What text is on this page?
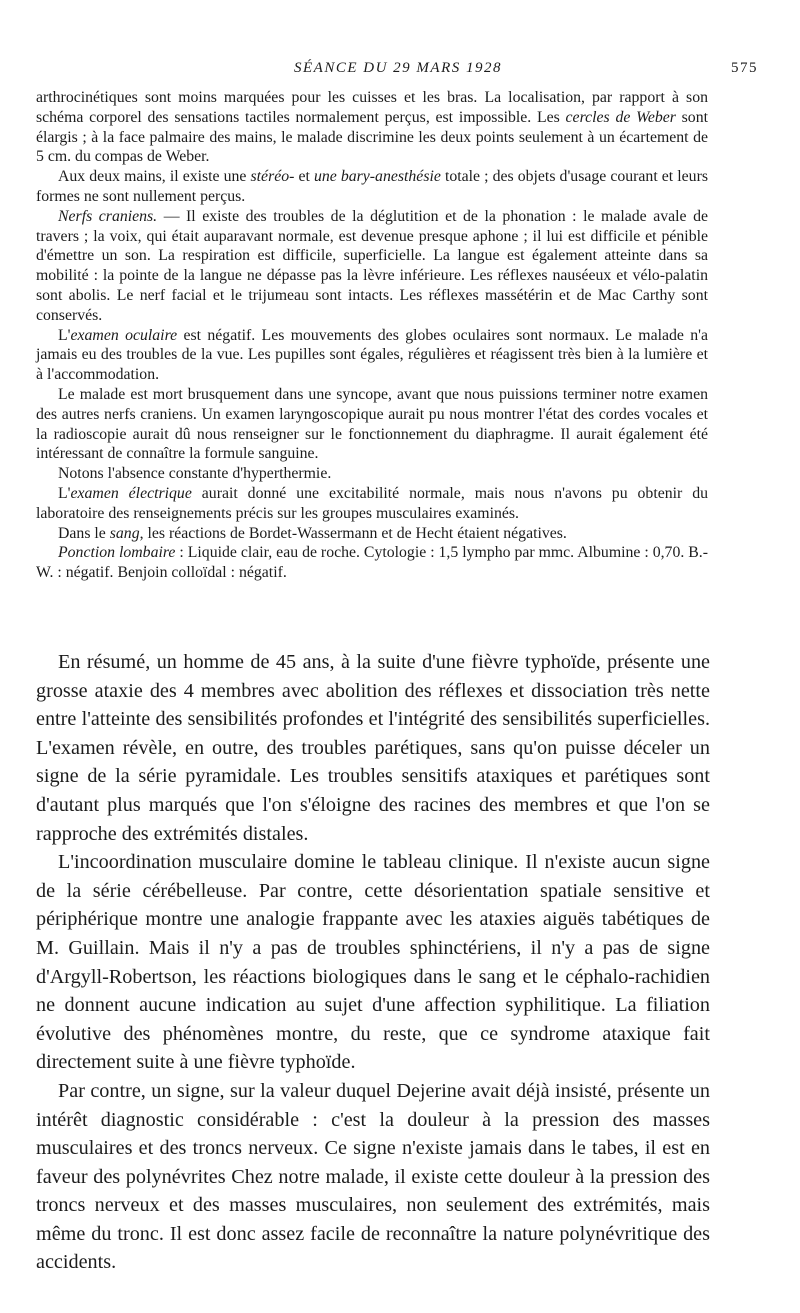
SÉANCE DU 29 MARS 1928	575

arthrocinétiques sont moins marquées pour les cuisses et les bras. La localisation, par rapport à son schéma corporel des sensations tactiles normalement perçus, est impossible. Les cercles de Weber sont élargis ; à la face palmaire des mains, le malade discrimine les deux points seulement à un écartement de 5 cm. du compas de Weber.

Aux deux mains, il existe une stéréo- et une bary-anesthésie totale ; des objets d'usage courant et leurs formes ne sont nullement perçus.

Nerfs craniens. — Il existe des troubles de la déglutition et de la phonation : le malade avale de travers ; la voix, qui était auparavant normale, est devenue presque aphone ; il lui est difficile et pénible d'émettre un son. La respiration est difficile, superficielle. La langue est également atteinte dans sa mobilité : la pointe de la langue ne dépasse pas la lèvre inférieure. Les réflexes nauséeux et vélo-palatin sont abolis. Le nerf facial et le trijumeau sont intacts. Les réflexes massétérin et de Mac Carthy sont conservés.

L'examen oculaire est négatif. Les mouvements des globes oculaires sont normaux. Le malade n'a jamais eu des troubles de la vue. Les pupilles sont égales, régulières et réagissent très bien à la lumière et à l'accommodation.

Le malade est mort brusquement dans une syncope, avant que nous puissions terminer notre examen des autres nerfs craniens. Un examen laryngoscopique aurait pu nous montrer l'état des cordes vocales et la radioscopie aurait dû nous renseigner sur le fonctionnement du diaphragme. Il aurait également été intéressant de connaître la formule sanguine.

Notons l'absence constante d'hyperthermie.

L'examen électrique aurait donné une excitabilité normale, mais nous n'avons pu obtenir du laboratoire des renseignements précis sur les groupes musculaires examinés.

Dans le sang, les réactions de Bordet-Wassermann et de Hecht étaient négatives.

Ponction lombaire : Liquide clair, eau de roche. Cytologie : 1,5 lympho par mmc. Albumine : 0,70. B.-W. : négatif. Benjoin colloïdal : négatif.

En résumé, un homme de 45 ans, à la suite d'une fièvre typhoïde, présente une grosse ataxie des 4 membres avec abolition des réflexes et dissociation très nette entre l'atteinte des sensibilités profondes et l'intégrité des sensibilités superficielles. L'examen révèle, en outre, des troubles parétiques, sans qu'on puisse déceler un signe de la série pyramidale. Les troubles sensitifs ataxiques et parétiques sont d'autant plus marqués que l'on s'éloigne des racines des membres et que l'on se rapproche des extrémités distales.

L'incoordination musculaire domine le tableau clinique. Il n'existe aucun signe de la série cérébelleuse. Par contre, cette désorientation spatiale sensitive et périphérique montre une analogie frappante avec les ataxies aiguës tabétiques de M. Guillain. Mais il n'y a pas de troubles sphinctériens, il n'y a pas de signe d'Argyll-Robertson, les réactions biologiques dans le sang et le céphalo-rachidien ne donnent aucune indication au sujet d'une affection syphilitique. La filiation évolutive des phénomènes montre, du reste, que ce syndrome ataxique fait directement suite à une fièvre typhoïde.

Par contre, un signe, sur la valeur duquel Dejerine avait déjà insisté, présente un intérêt diagnostic considérable : c'est la douleur à la pression des masses musculaires et des troncs nerveux. Ce signe n'existe jamais dans le tabes, il est en faveur des polynévrites Chez notre malade, il existe cette douleur à la pression des troncs nerveux et des masses musculaires, non seulement des extrémités, mais même du tronc. Il est donc assez facile de reconnaître la nature polynévritique des accidents.
